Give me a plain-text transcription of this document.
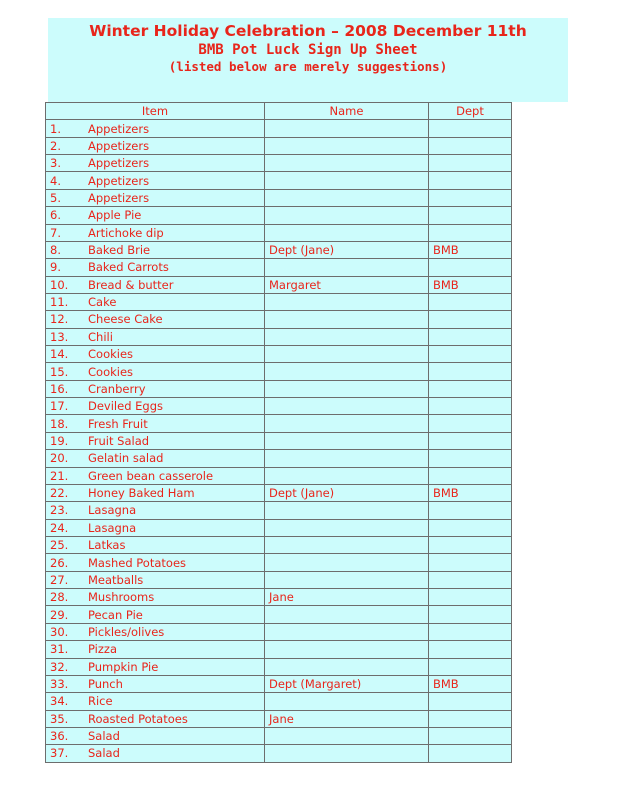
Winter Holiday Celebration – 2008 December 11th
BMB Pot Luck Sign Up Sheet
(listed below are merely suggestions)
Item	Name	Dept
1. Appetizers		
2. Appetizers		
3. Appetizers		
4. Appetizers		
5. Appetizers		
6. Apple Pie		
7. Artichoke dip		
8. Baked Brie	Dept (Jane)	BMB
9. Baked Carrots		
10. Bread & butter	Margaret	BMB
11. Cake		
12. Cheese Cake		
13. Chili		
14. Cookies		
15. Cookies		
16. Cranberry		
17. Deviled Eggs		
18. Fresh Fruit		
19. Fruit Salad		
20. Gelatin salad		
21. Green bean casserole		
22. Honey Baked Ham	Dept (Jane)	BMB
23. Lasagna		
24. Lasagna		
25. Latkas		
26. Mashed Potatoes		
27. Meatballs		
28. Mushrooms	Jane	
29. Pecan Pie		
30. Pickles/olives		
31. Pizza		
32. Pumpkin Pie		
33. Punch	Dept (Margaret)	BMB
34. Rice		
35. Roasted Potatoes	Jane	
36. Salad		
37. Salad		
